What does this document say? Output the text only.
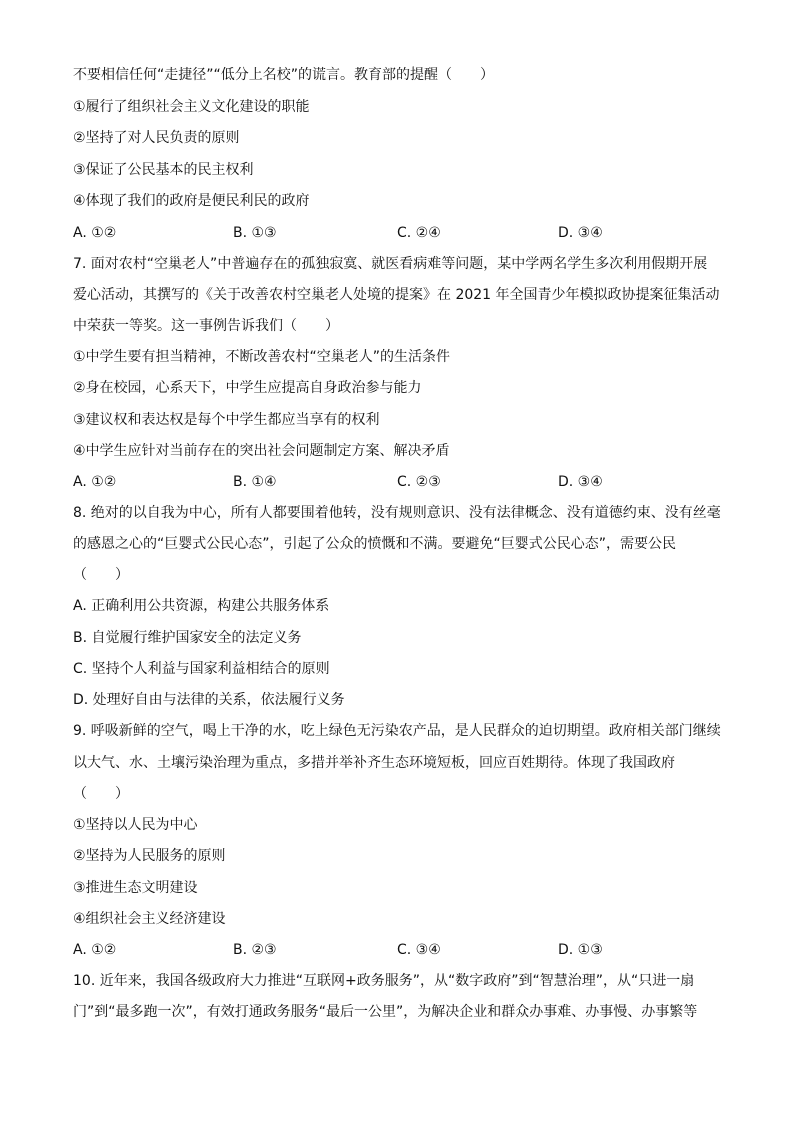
不要相信任何“走捷径”“低分上名校”的谎言。教育部的提醒（　　）
①履行了组织社会主义文化建设的职能
②坚持了对人民负责的原则
③保证了公民基本的民主权利
④体现了我们的政府是便民利民的政府
A. ①②	B. ①③	C. ②④	D. ③④
7. 面对农村“空巢老人”中普遍存在的孤独寂寞、就医看病难等问题，某中学两名学生多次利用假期开展
爱心活动，其撰写的《关于改善农村空巢老人处境的提案》在 2021 年全国青少年模拟政协提案征集活动
中荣获一等奖。这一事例告诉我们（　　）
①中学生要有担当精神，不断改善农村“空巢老人”的生活条件
②身在校园，心系天下，中学生应提高自身政治参与能力
③建议权和表达权是每个中学生都应当享有的权利
④中学生应针对当前存在的突出社会问题制定方案、解决矛盾
A. ①②	B. ①④	C. ②③	D. ③④
8. 绝对的以自我为中心，所有人都要围着他转，没有规则意识、没有法律概念、没有道德约束、没有丝毫
的感恩之心的“巨婴式公民心态”，引起了公众的愤慨和不满。要避免“巨婴式公民心态”，需要公民
（　　）
A. 正确利用公共资源，构建公共服务体系
B. 自觉履行维护国家安全的法定义务
C. 坚持个人利益与国家利益相结合的原则
D. 处理好自由与法律的关系，依法履行义务
9. 呼吸新鲜的空气，喝上干净的水，吃上绿色无污染农产品，是人民群众的迫切期望。政府相关部门继续
以大气、水、土壤污染治理为重点，多措并举补齐生态环境短板，回应百姓期待。体现了我国政府
（　　）
①坚持以人民为中心
②坚持为人民服务的原则
③推进生态文明建设
④组织社会主义经济建设
A. ①②	B. ②③	C. ③④	D. ①③
10. 近年来，我国各级政府大力推进“互联网+政务服务”，从“数字政府”到“智慧治理”，从“只进一扇
门”到“最多跑一次”，有效打通政务服务“最后一公里”，为解决企业和群众办事难、办事慢、办事繁等
